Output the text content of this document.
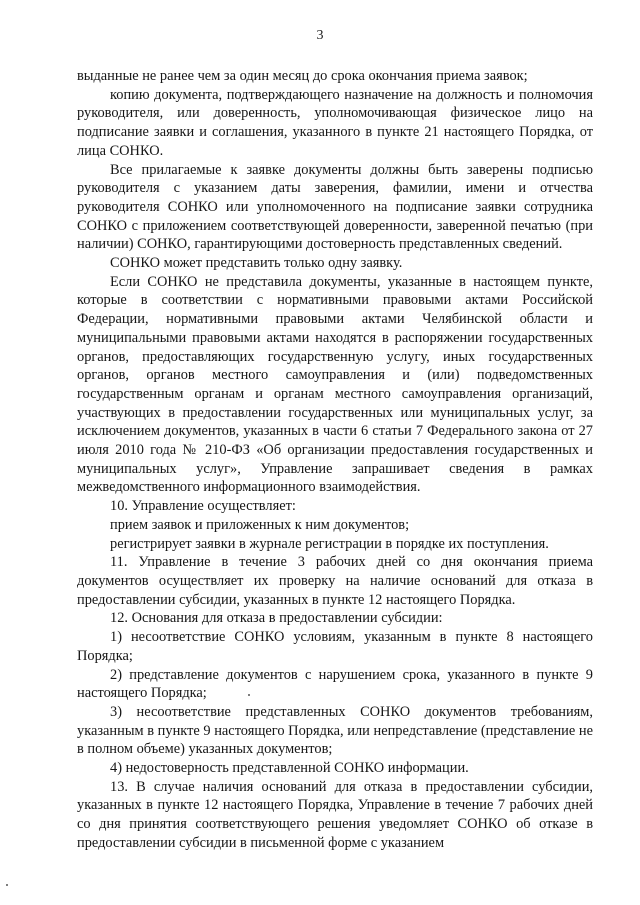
3

выданные не ранее чем за один месяц до срока окончания приема заявок;

копию документа, подтверждающего назначение на должность и полномочия руководителя, или доверенность, уполномочивающая физическое лицо на подписание заявки и соглашения, указанного в пункте 21 настоящего Порядка, от лица СОНКО.

Все прилагаемые к заявке документы должны быть заверены подписью руководителя с указанием даты заверения, фамилии, имени и отчества руководителя СОНКО или уполномоченного на подписание заявки сотрудника СОНКО с приложением соответствующей доверенности, заверенной печатью (при наличии) СОНКО, гарантирующими достоверность представленных сведений.

СОНКО может представить только одну заявку.

Если СОНКО не представила документы, указанные в настоящем пункте, которые в соответствии с нормативными правовыми актами Российской Федерации, нормативными правовыми актами Челябинской области и муниципальными правовыми актами находятся в распоряжении государственных органов, предоставляющих государственную услугу, иных государственных органов, органов местного самоуправления и (или) подведомственных государственным органам и органам местного самоуправления организаций, участвующих в предоставлении государственных или муниципальных услуг, за исключением документов, указанных в части 6 статьи 7 Федерального закона от 27 июля 2010 года № 210-ФЗ «Об организации предоставления государственных и муниципальных услуг», Управление запрашивает сведения в рамках межведомственного информационного взаимодействия.

10. Управление осуществляет:

прием заявок и приложенных к ним документов;

регистрирует заявки в журнале регистрации в порядке их поступления.

11. Управление в течение 3 рабочих дней со дня окончания приема документов осуществляет их проверку на наличие оснований для отказа в предоставлении субсидии, указанных в пункте 12 настоящего Порядка.

12. Основания для отказа в предоставлении субсидии:

1) несоответствие СОНКО условиям, указанным в пункте 8 настоящего Порядка;

2) представление документов с нарушением срока, указанного в пункте 9 настоящего Порядка;

3) несоответствие представленных СОНКО документов требованиям, указанным в пункте 9 настоящего Порядка, или непредставление (представление не в полном объеме) указанных документов;

4) недостоверность представленной СОНКО информации.

13. В случае наличия оснований для отказа в предоставлении субсидии, указанных в пункте 12 настоящего Порядка, Управление в течение 7 рабочих дней со дня принятия соответствующего решения уведомляет СОНКО об отказе в предоставлении субсидии в письменной форме с указанием
